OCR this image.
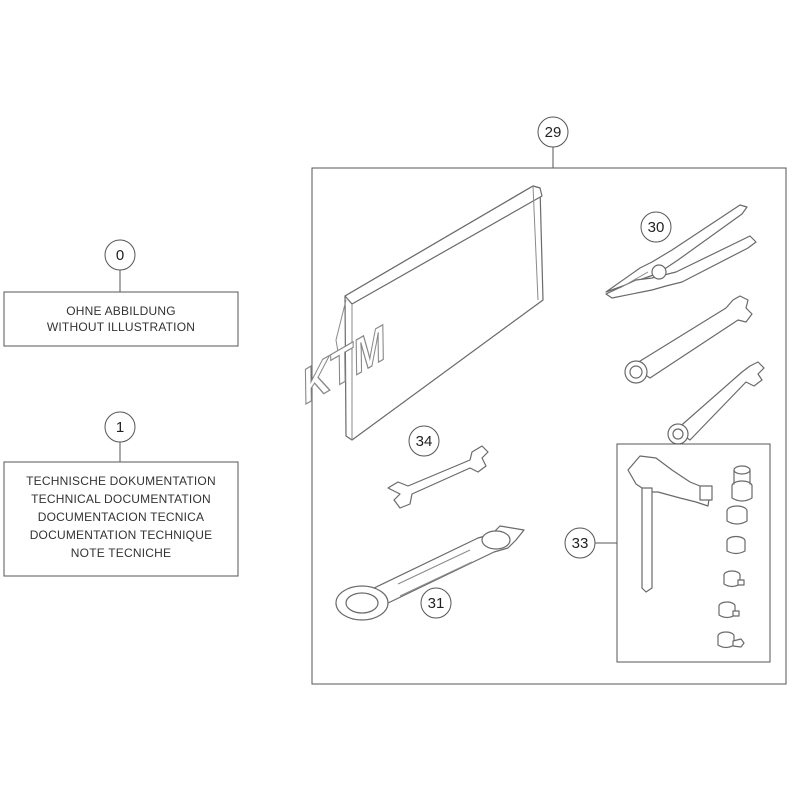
0
OHNE ABBILDUNG
WITHOUT ILLUSTRATION
1
TECHNISCHE DOKUMENTATION
TECHNICAL DOCUMENTATION
DOCUMENTACION TECNICA
DOCUMENTATION TECHNIQUE
NOTE TECNICHE
29
KTM
30
34
31
33
